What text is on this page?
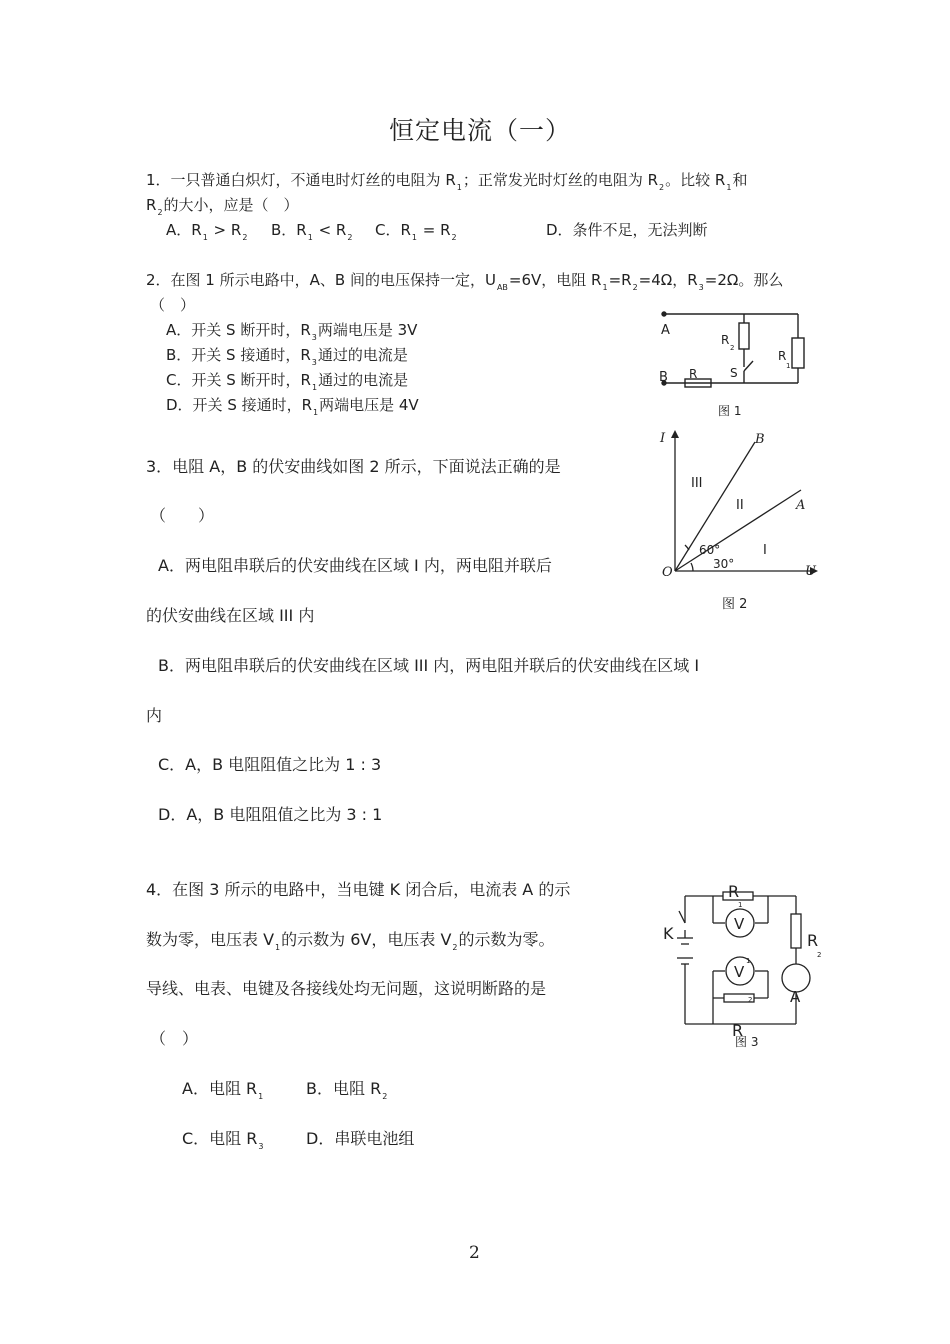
恒定电流（一）
1．一只普通白炽灯，不通电时灯丝的电阻为 $R_1$；正常发光时灯丝的电阻为 $R_2$。比较 $R_1$和
$R_2$的大小，应是（　）
A．$R_1 > R_2$ B．$R_1 < R_2$ C．$R_1 = R_2$	D．条件不足，无法判断
2．在图 1 所示电路中，A、B 间的电压保持一定，$U_{AB}=6V$，电阻 $R_1=R_2=4\Omega$，$R_3=2\Omega$。那么
（　）
A．开关 S 断开时，$R_3$两端电压是 3V
B．开关 S 接通时，$R_3$通过的电流是
C．开关 S 断开时，$R_1$通过的电流是
D．开关 S 接通时，$R_1$两端电压是 4V
A
B
R
2
R
1
R	S
图 1
3．电阻 A，B 的伏安曲线如图 2 所示，下面说法正确的是
（　　）
A．两电阻串联后的伏安曲线在区域 I 内，两电阻并联后
的伏安曲线在区域 III 内
B．两电阻串联后的伏安曲线在区域 III 内，两电阻并联后的伏安曲线在区域 I
内
C．A，B 电阻阻值之比为 1 : 3
D．A，B 电阻阻值之比为 3 : 1
I
U
O
B
A
III
II
I
60°
30°
图 2
4．在图 3 所示的电路中，当电键 K 闭合后，电流表 A 的示
数为零，电压表 $V_1$的示数为 6V，电压表 $V_2$的示数为零。
导线、电表、电键及各接线处均无问题，这说明断路的是
（　）
A．电阻 $R_1$	B．电阻 $R_2$
C．电阻 $R_3$	D．串联电池组
R
1
V
1
V
2
K	R
2
A
R
图 3
2
